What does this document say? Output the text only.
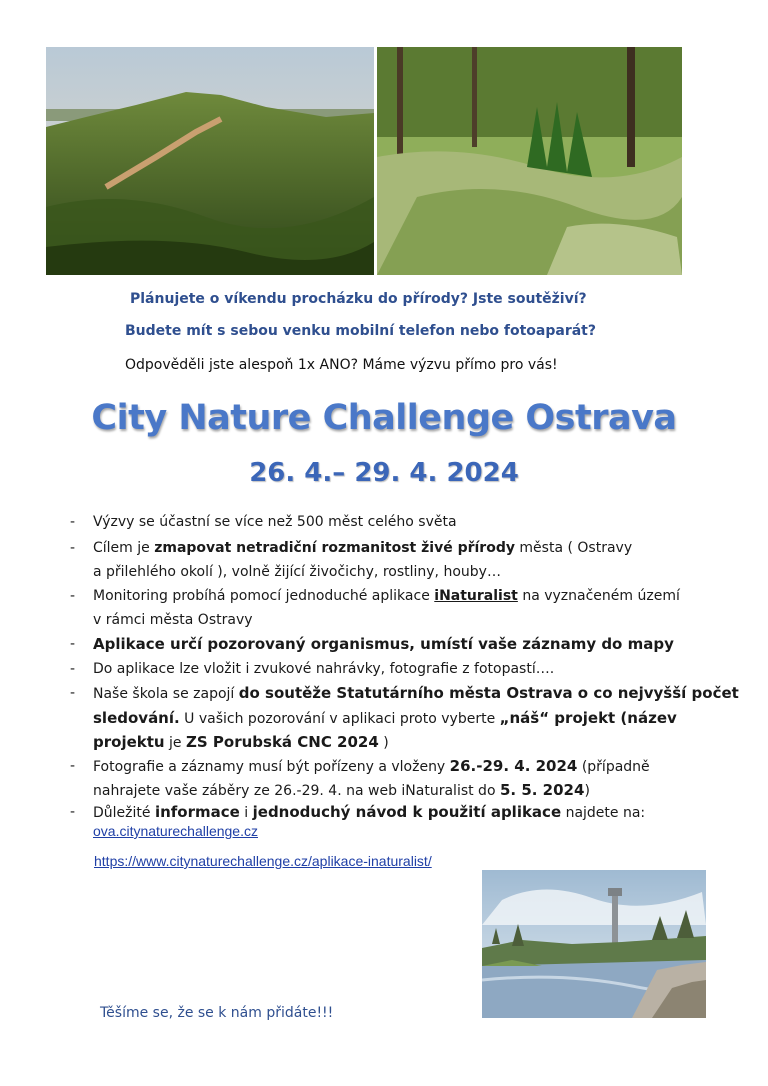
Plánujete o víkendu procházku do přírody? Jste soutěživí?
Budete mít s sebou venku mobilní telefon nebo fotoaparát?
Odpověděli jste alespoň 1x ANO? Máme výzvu přímo pro vás!
City Nature Challenge Ostrava
26. 4.– 29. 4. 2024
- Výzvy se účastní se více než 500 měst celého světa
- Cílem je zmapovat netradiční rozmanitost živé přírody města ( Ostravy
a přilehlého okolí ), volně žijící živočichy, rostliny, houby…
- Monitoring probíhá pomocí jednoduché aplikace iNaturalist na vyznačeném území
v rámci města Ostravy
- Aplikace určí pozorovaný organismus, umístí vaše záznamy do mapy
- Do aplikace lze vložit i zvukové nahrávky, fotografie z fotopastí….
- Naše škola se zapojí do soutěže Statutárního města Ostrava o co nejvyšší počet
sledování. U vašich pozorování v aplikaci proto vyberte „náš“ projekt (název
projektu je ZS Porubská CNC 2024 )
- Fotografie a záznamy musí být pořízeny a vloženy 26.-29. 4. 2024 (případně
nahrajete vaše záběry ze 26.-29. 4. na web iNaturalist do 5. 5. 2024)
- Důležité informace i jednoduchý návod k použití aplikace najdete na:
ova.citynaturechallenge.cz
https://www.citynaturechallenge.cz/aplikace-inaturalist/
Těšíme se, že se k nám přidáte!!!
